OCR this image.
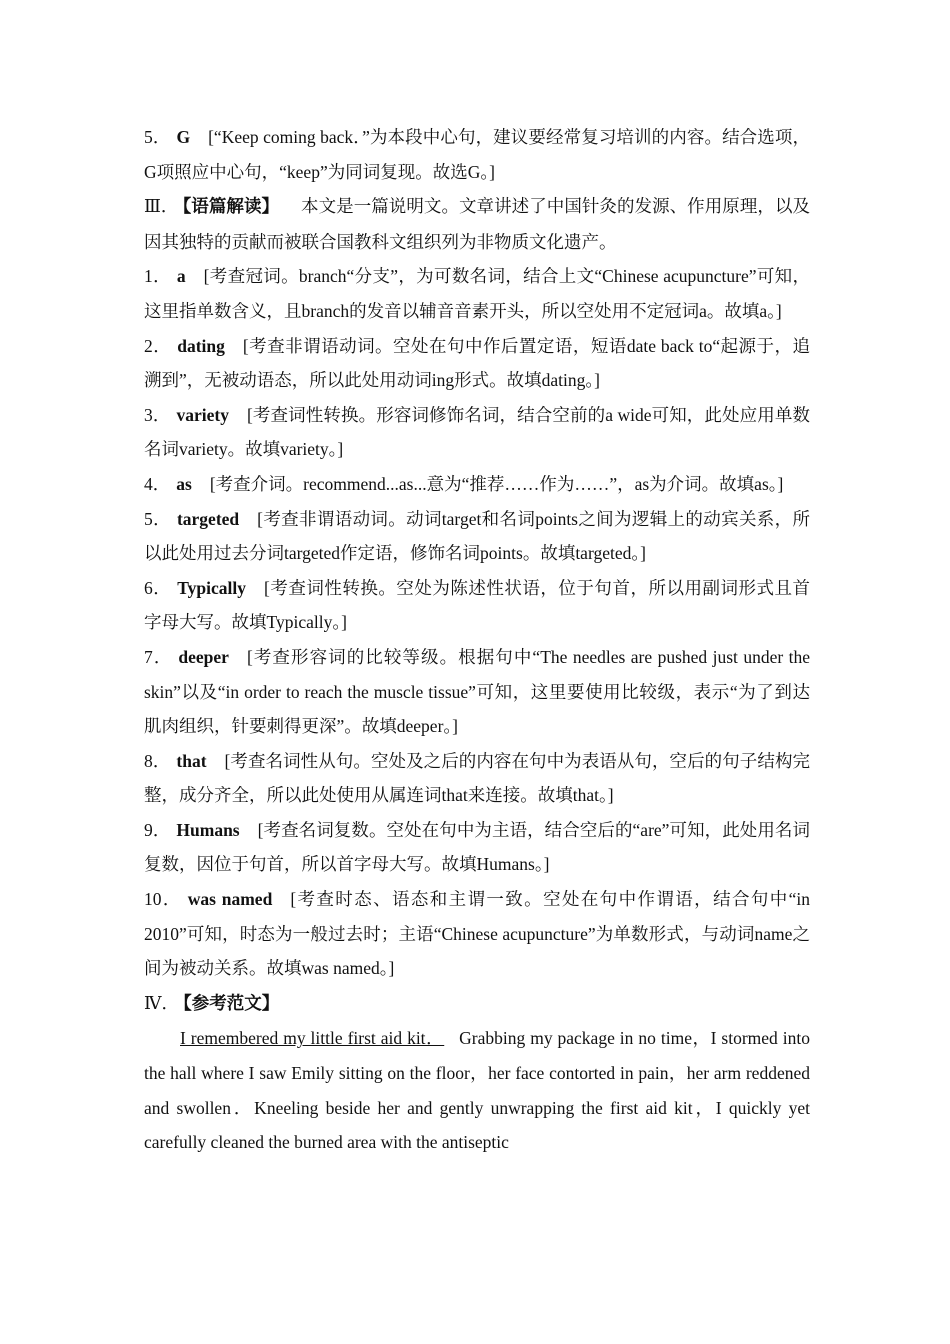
5． G [“Keep coming back．”为本段中心句，建议要经常复习培训的内容。结合选项，G项照应中心句，“keep”为同词复现。故选G。]

Ⅲ． 【语篇解读】 本文是一篇说明文。文章讲述了中国针灸的发源、作用原理，以及因其独特的贡献而被联合国教科文组织列为非物质文化遗产。

1． a [考查冠词。branch“分支”，为可数名词，结合上文“Chinese acupuncture”可知，这里指单数含义，且branch的发音以辅音音素开头，所以空处用不定冠词a。故填a。]

2． dating [考查非谓语动词。空处在句中作后置定语，短语date back to“起源于，追溯到”，无被动语态，所以此处用动词ing形式。故填dating。]

3． variety [考查词性转换。形容词修饰名词，结合空前的a wide可知，此处应用单数名词variety。故填variety。]

4． as [考查介词。recommend...as...意为“推荐……作为……”，as为介词。故填as。]

5． targeted [考查非谓语动词。动词target和名词points之间为逻辑上的动宾关系，所以此处用过去分词targeted作定语，修饰名词points。故填targeted。]

6． Typically [考查词性转换。空处为陈述性状语，位于句首，所以用副词形式且首字母大写。故填Typically。]

7． deeper [考查形容词的比较等级。根据句中“The needles are pushed just under the skin”以及“in order to reach the muscle tissue”可知，这里要使用比较级，表示“为了到达肌肉组织，针要刺得更深”。故填deeper。]

8． that [考查名词性从句。空处及之后的内容在句中为表语从句，空后的句子结构完整，成分齐全，所以此处使用从属连词that来连接。故填that。]

9． Humans [考查名词复数。空处在句中为主语，结合空后的“are”可知，此处用名词复数，因位于句首，所以首字母大写。故填Humans。]

10． was named [考查时态、语态和主谓一致。空处在句中作谓语，结合句中“in 2010”可知，时态为一般过去时；主语“Chinese acupuncture”为单数形式，与动词name之间为被动关系。故填was named。]

Ⅳ． 【参考范文】

I remembered my little first aid kit． Grabbing my package in no time，I stormed into the hall where I saw Emily sitting on the floor，her face contorted in pain，her arm reddened and swollen．Kneeling beside her and gently unwrapping the first aid kit，I quickly yet carefully cleaned the burned area with the antiseptic
